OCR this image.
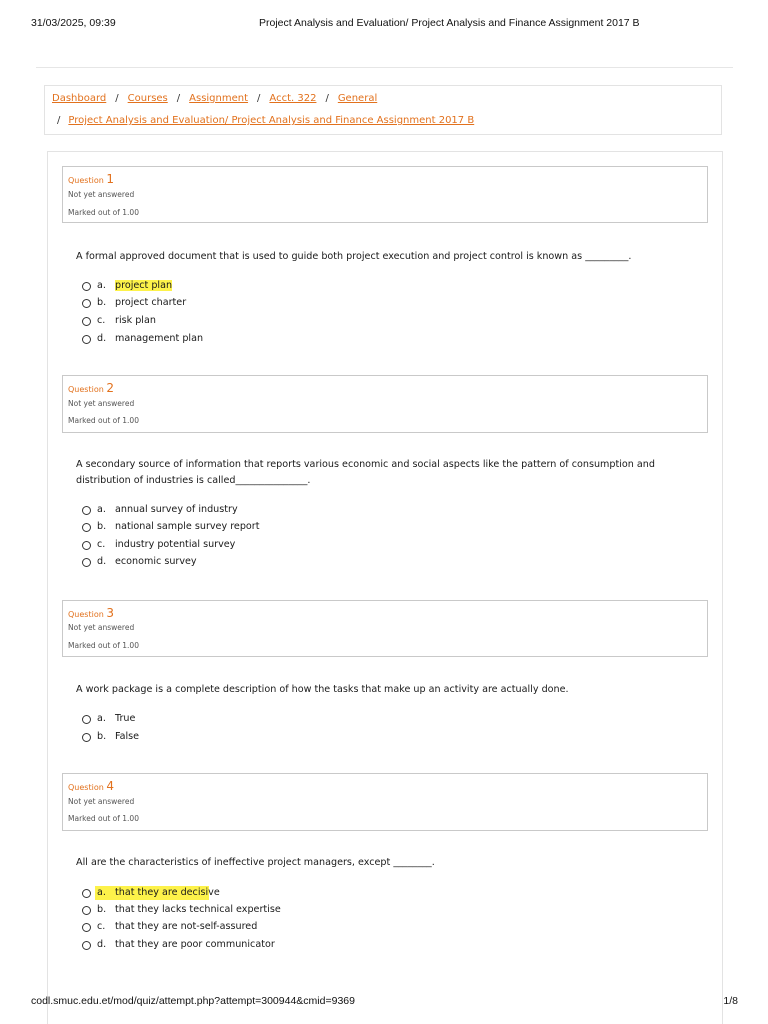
31/03/2025, 09:39	Project Analysis and Evaluation/ Project Analysis and Finance Assignment 2017 B
Dashboard / Courses / Assignment / Acct. 322 / General
/ Project Analysis and Evaluation/ Project Analysis and Finance Assignment 2017 B
Question 1
Not yet answered
Marked out of 1.00
A formal approved document that is used to guide both project execution and project control is known as _________.
a. project plan
b. project charter
c. risk plan
d. management plan
Question 2
Not yet answered
Marked out of 1.00
A secondary source of information that reports various economic and social aspects like the pattern of consumption and distribution of industries is called_______________.
a. annual survey of industry
b. national sample survey report
c. industry potential survey
d. economic survey
Question 3
Not yet answered
Marked out of 1.00
A work package is a complete description of how the tasks that make up an activity are actually done.
a. True
b. False
Question 4
Not yet answered
Marked out of 1.00
All are the characteristics of ineffective project managers, except ________.
a. that they are decisive
b. that they lacks technical expertise
c. that they are not-self-assured
d. that they are poor communicator
codl.smuc.edu.et/mod/quiz/attempt.php?attempt=300944&cmid=9369	1/8
